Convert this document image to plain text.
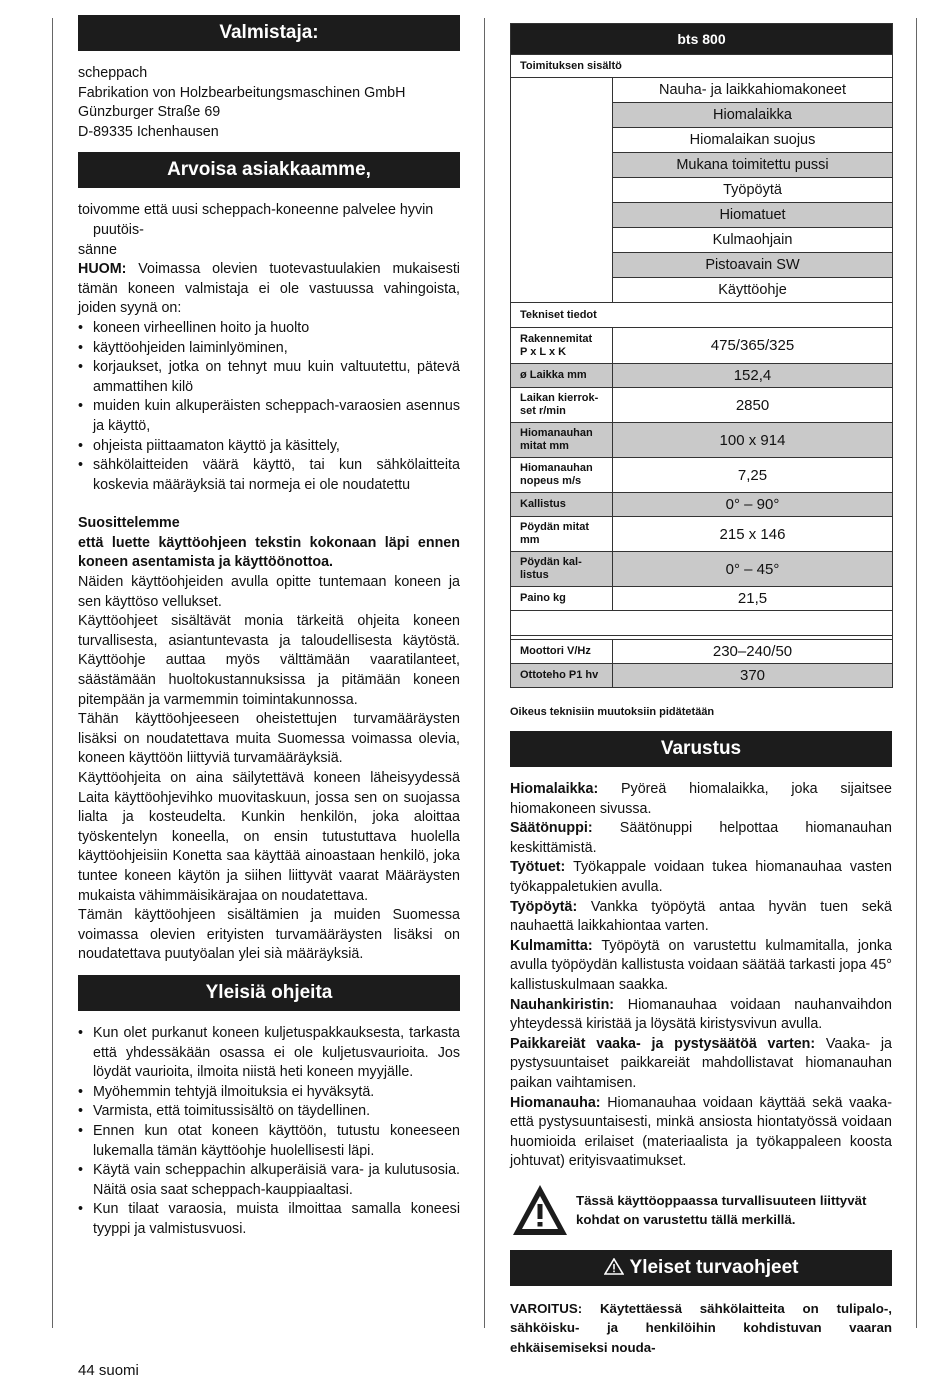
Valmistaja:

scheppach

Fabrikation von Holzbearbeitungsmaschinen GmbH

Günzburger Straße 69

D-89335 Ichenhausen

Arvoisa asiakkaamme,

toivomme että uusi scheppach-koneenne palvelee hyvin

puutöis-

sänne

HUOM: Voimassa olevien tuotevastuulakien mukaisesti tämän koneen valmistaja ei ole vastuussa vahingoista, joiden syynä on:

• koneen virheellinen hoito ja huolto
• käyttöohjeiden laiminlyöminen,
• korjaukset, jotka on tehnyt muu kuin valtuutettu, pätevä ammattihen kilö
• muiden kuin alkuperäisten scheppach-varaosien asennus ja käyttö,
• ohjeista piittaamaton käyttö ja käsittely,
• sähkölaitteiden väärä käyttö, tai kun sähkölaitteita koskevia määräyksiä tai normeja ei ole noudatettu

Suosittelemme

että luette käyttöohjeen tekstin kokonaan läpi ennen koneen asentamista ja käyttöönottoa.

Näiden käyttöohjeiden avulla opitte tuntemaan koneen ja sen käyttöso vellukset.

Käyttöohjeet sisältävät monia tärkeitä ohjeita koneen turvallisesta, asiantuntevasta ja taloudellisesta käytöstä. Käyttöohje auttaa myös välttämään vaaratilanteet, säästämään huoltokustannuksissa ja pitämään koneen pitempään ja varmemmin toimintakunnossa.

Tähän käyttöohjeeseen oheistettujen turvamääräysten lisäksi on noudatettava muita Suomessa voimassa olevia, koneen käyttöön liittyviä turvamääräyksiä.

Käyttöohjeita on aina säilytettävä koneen läheisyydessä Laita käyttöohjevihko muovitaskuun, jossa sen on suojassa lialta ja kosteudelta. Kunkin henkilön, joka aloittaa työskentelyn koneella, on ensin tutustuttava huolella käyttöohjeisiin Konetta saa käyttää ainoastaan henkilö, joka tuntee koneen käytön ja siihen liittyvät vaarat Määräysten mukaista vähimmäisikärajaa on noudatettava.

Tämän käyttöohjeen sisältämien ja muiden Suomessa voimassa olevien erityisten turvamääräysten lisäksi on noudatettava puutyöalan ylei sià määräyksiä.

Yleisiä ohjeita
• Kun olet purkanut koneen kuljetuspakkauksesta, tarkasta että yhdessäkään osassa ei ole kuljetusvaurioita. Jos löydät vaurioita, ilmoita niistä heti koneen myyjälle.
• Myöhemmin tehtyjä ilmoituksia ei hyväksytä.
• Varmista, että toimitussisältö on täydellinen.
• Ennen kun otat koneen käyttöön, tutustu koneeseen lukemalla tämän käyttöohje huolellisesti läpi.
• Käytä vain scheppachin alkuperäisiä vara- ja kulutusosia. Näitä osia saat scheppach-kauppiaaltasi.
• Kun tilaat varaosia, muista ilmoittaa samalla koneesi tyyppi ja valmistusvuosi.
bts 800	
Toimituksen sisältö	
	Nauha- ja laikkahiomakoneet
	Hiomalaikka
	Hiomalaikan suojus
	Mukana toimitettu pussi
	Työpöytä
	Hiomatuet
	Kulmaohjain
	Pistoavain SW
	Käyttöohje
Tekniset tiedot	
Rakennemitat
P x L x K	475/365/325
ø Laikka mm	152,4
Laikan kierrok-
set r/min	2850
Hiomanauhan
mitat mm	100 x 914
Hiomanauhan
nopeus m/s	7,25
Kallistus	0° – 90°
Pöydän mitat
mm	215 x 146
Pöydän kal-
listus	0° – 45°
Paino kg	21,5

Moottori V/Hz	230–240/50
Ottoteho P1 hv	370

Oikeus teknisiin muutoksiin pidätetään

Varustus

Hiomalaikka: Pyöreä hiomalaikka, joka sijaitsee hiomakoneen sivussa.

Säätönuppi: Säätönuppi helpottaa hiomanauhan keskittämistä.

Työtuet: Työkappale voidaan tukea hiomanauhaa vasten työkappaletukien avulla.

Työpöytä: Vankka työpöytä antaa hyvän tuen sekä nauhaettä laikkahiontaa varten.

Kulmamitta: Työpöytä on varustettu kulmamitalla, jonka avulla työpöydän kallistusta voidaan säätää tarkasti jopa 45° kallistuskulmaan saakka.

Nauhankiristin: Hiomanauhaa voidaan nauhanvaihdon yhteydessä kiristää ja löysätä kiristysvivun avulla.

Paikkareiät vaaka- ja pystysäätöä varten: Vaaka- ja pystysuuntaiset paikkareiät mahdollistavat hiomanauhan paikan vaihtamisen.

Hiomanauha: Hiomanauhaa voidaan käyttää sekä vaaka- että pystysuuntaisesti, minkä ansiosta hiontatyössä voidaan huomioida erilaiset (materiaalista ja työkappaleen koosta johtuvat) erityisvaatimukset.

Tässä käyttöoppaassa turvallisuuteen liittyvät kohdat on varustettu tällä merkillä.

Yleiset turvaohjeet

VAROITUS: Käytettäessä sähkölaitteita on tulipalo-, sähköisku- ja henkilöihin kohdistuvan vaaran ehkäisemiseksi nouda-

44 suomi
